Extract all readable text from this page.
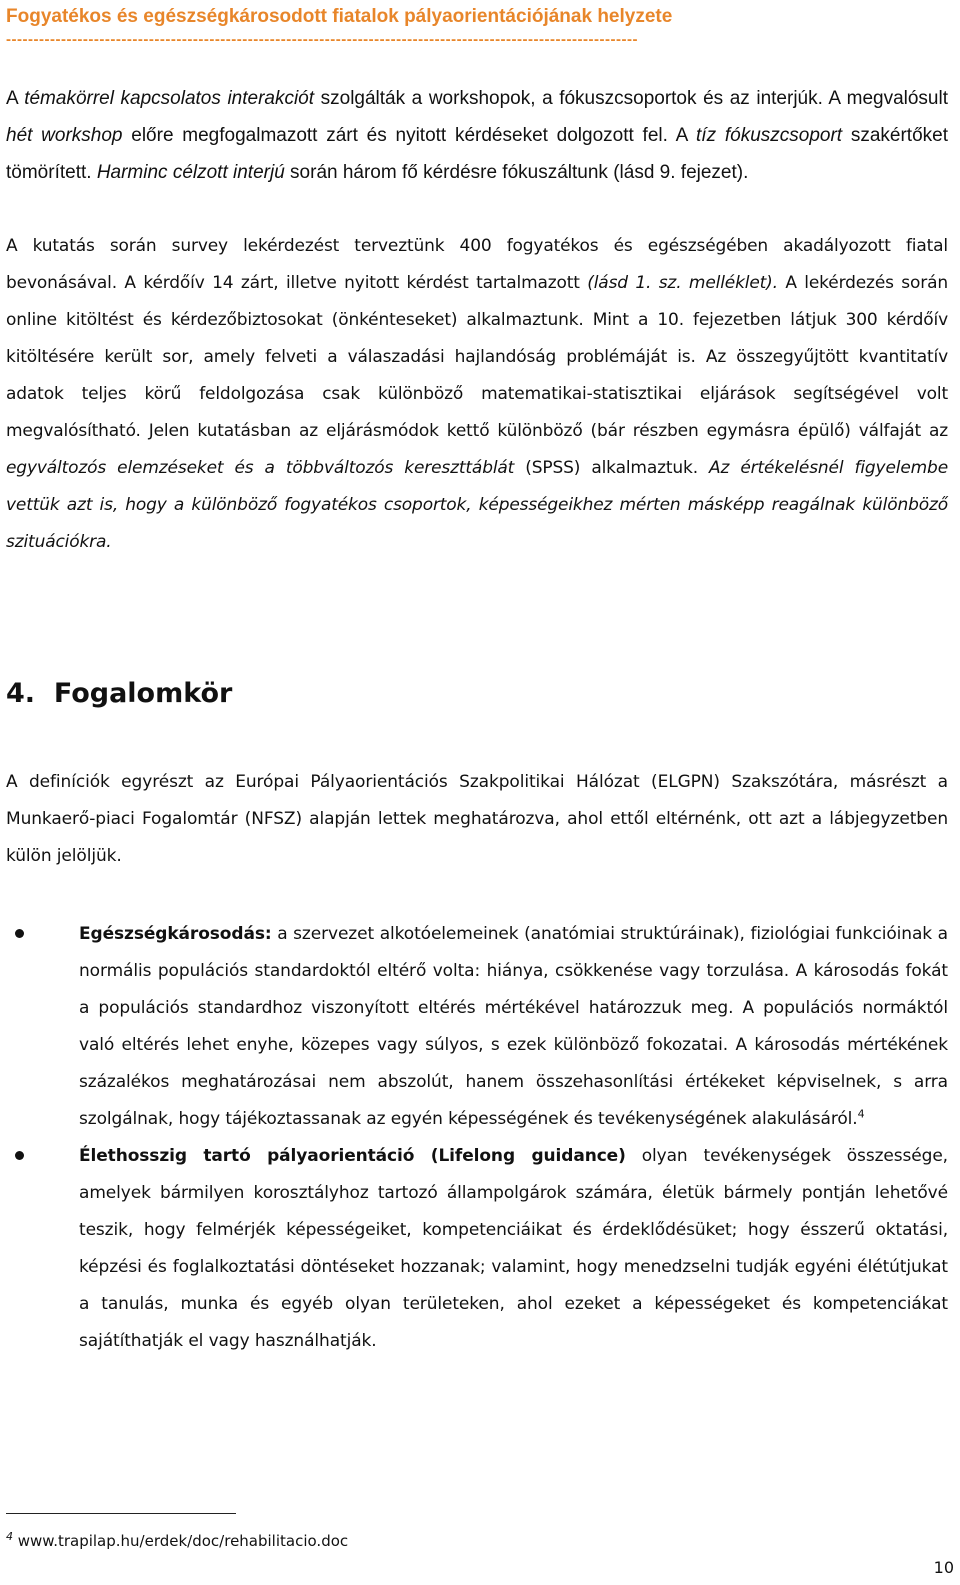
Fogyatékos és egészségkárosodott fiatalok pályaorientációjának helyzete
-------------------------------------------------------------------------------------------------------------------
A témakörrel kapcsolatos interakciót szolgálták a workshopok, a fókuszcsoportok és az interjúk. A megvalósult hét workshop előre megfogalmazott zárt és nyitott kérdéseket dolgozott fel. A tíz fókuszcsoport szakértőket tömörített. Harminc célzott interjú során három fő kérdésre fókuszáltunk (lásd 9. fejezet).
A kutatás során survey lekérdezést terveztünk 400 fogyatékos és egészségében akadályozott fiatal bevonásával. A kérdőív 14 zárt, illetve nyitott kérdést tartalmazott (lásd 1. sz. melléklet). A lekérdezés során online kitöltést és kérdezőbiztosokat (önkénteseket) alkalmaztunk. Mint a 10. fejezetben látjuk 300 kérdőív kitöltésére került sor, amely felveti a válaszadási hajlandóság problémáját is. Az összegyűjtött kvantitatív adatok teljes körű feldolgozása csak különböző matematikai-statisztikai eljárások segítségével volt megvalósítható. Jelen kutatásban az eljárásmódok kettő különböző (bár részben egymásra épülő) válfaját az egyváltozós elemzéseket és a többváltozós kereszttáblát (SPSS) alkalmaztuk. Az értékelésnél figyelembe vettük azt is, hogy a különböző fogyatékos csoportok, képességeikhez mérten másképp reagálnak különböző szituációkra.
4. Fogalomkör
A definíciók egyrészt az Európai Pályaorientációs Szakpolitikai Hálózat (ELGPN) Szakszótára, másrészt a Munkaerő-piaci Fogalomtár (NFSZ) alapján lettek meghatározva, ahol ettől eltérnénk, ott azt a lábjegyzetben külön jelöljük.
Egészségkárosodás: a szervezet alkotóelemeinek (anatómiai struktúráinak), fiziológiai funkcióinak a normális populációs standardoktól eltérő volta: hiánya, csökkenése vagy torzulása. A károsodás fokát a populációs standardhoz viszonyított eltérés mértékével határozzuk meg. A populációs normáktól való eltérés lehet enyhe, közepes vagy súlyos, s ezek különböző fokozatai. A károsodás mértékének százalékos meghatározásai nem abszolút, hanem összehasonlítási értékeket képviselnek, s arra szolgálnak, hogy tájékoztassanak az egyén képességének és tevékenységének alakulásáról.$^4$
Élethosszig tartó pályaorientáció (Lifelong guidance) olyan tevékenységek összessége, amelyek bármilyen korosztályhoz tartozó állampolgárok számára, életük bármely pontján lehetővé teszik, hogy felmérjék képességeiket, kompetenciáikat és érdeklődésüket; hogy ésszerű oktatási, képzési és foglalkoztatási döntéseket hozzanak; valamint, hogy menedzselni tudják egyéni élétútjukat a tanulás, munka és egyéb olyan területeken, ahol ezeket a képességeket és kompetenciákat sajátíthatják el vagy használhatják.
$^4$ www.trapilap.hu/erdek/doc/rehabilitacio.doc
10
